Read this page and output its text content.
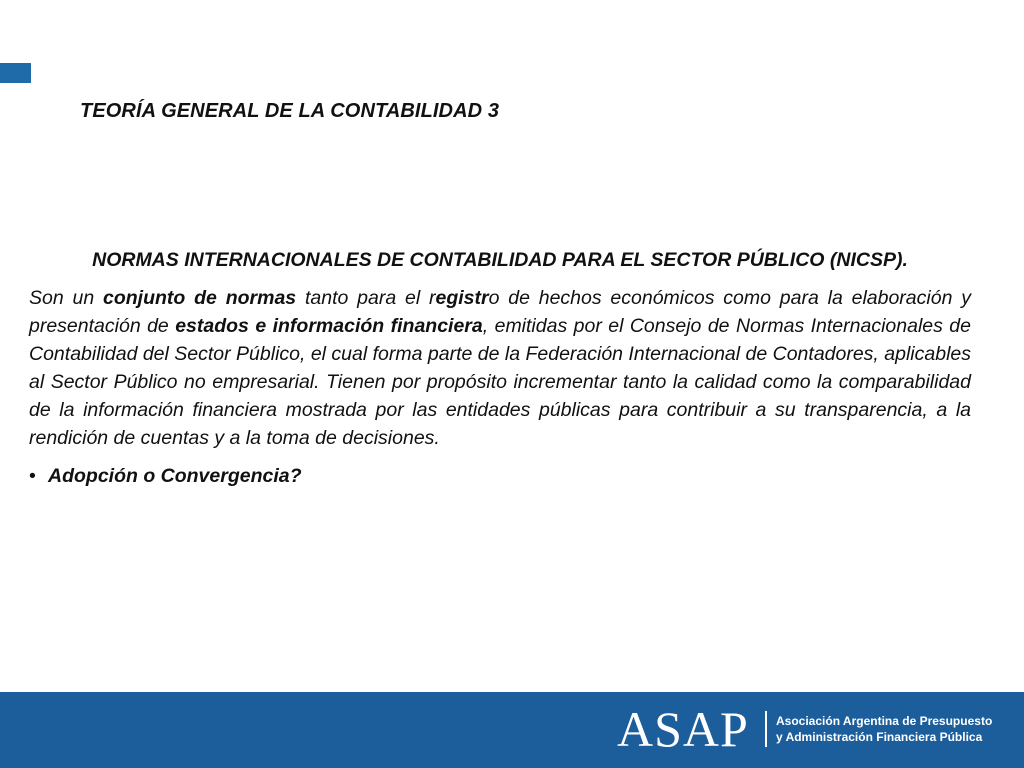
TEORÍA GENERAL DE LA CONTABILIDAD 3
NORMAS INTERNACIONALES DE CONTABILIDAD PARA EL SECTOR PÚBLICO (NICSP).

Son un conjunto de normas tanto para el registro de hechos económicos como para la elaboración y presentación de estados e información financiera, emitidas por el Consejo de Normas Internacionales de Contabilidad del Sector Público, el cual forma parte de la Federación Internacional de Contadores, aplicables al Sector Público no empresarial. Tienen por propósito incrementar tanto la calidad como la comparabilidad de la información financiera mostrada por las entidades públicas para contribuir a su transparencia, a la rendición de cuentas y a la toma de decisiones.

• Adopción o Convergencia?
ASAP Asociación Argentina de Presupuesto
y Administración Financiera Pública
